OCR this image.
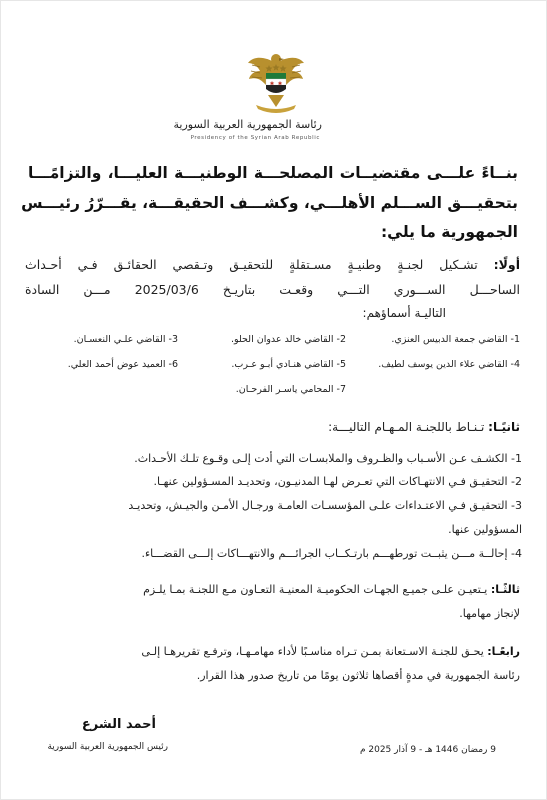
رئاسة الجمهورية العربية السورية
Presidency of the Syrian Arab Republic
بنــاءً علـــى مقتضيــات المصلحـــة الوطنيـــة العليـــا، والتزامًـــا
بتحقيـــق الســـلم الأهلـــي، وكشـــف الحقيقـــة، يقـــرّرُ رئيـــس
الجمهورية ما يلي:
أولًا: تشـكيل لجنـةٍ وطنيـةٍ مسـتقلةٍ للتحقيـق وتـقصي الحقائـق فـي أحـداث
الساحـــل الســـوري التـــي وقعـت بتاريـخ 2025/03/6 مـــن السادة
التاليـة أسماؤهم:
1- القاضي جمعة الدبيس العنزي.
2- القاضي خالد عدوان الحلو.
3- القاضي علـي النعسـان.
4- القاضي علاء الدين يوسف لطيف.
5- القاضي هنـادي أبـو عـرب.
6- العميد عوض أحمد العلي.
7- المحامي ياسـر الفرحـان.
ثانيًـا: تـنـاط باللجنـة المـهـام التاليـــة:
1- الكشـف عـن الأسـباب والظـروف والملابسـات التي أدت إلـى وقـوع تلـك الأحـداث.
2- التحقيـق فـي الانتهـاكات التي تعـرض لهـا المدنيـون، وتحديـد المسـؤولين عنهـا.
3- التحقيـق فـي الاعتـداءات علـى المؤسسـات العامـة ورجـال الأمـن والجيـش، وتحديـد
المسؤولين عنها.
4- إحالــة مـــن يثبــت تورطهـــم بارتـكــاب الجرائـــم والانتهـــاكات إلـــى القضـــاء.
ثالثًـا: يـتعيـن علـى جميـع الجهـات الحكوميـة المعنيـة التعـاون مـع اللجنـة بمـا يلـزم
لإنجاز مهامها.
رابعًـا: يحـق للجنـة الاسـتعانة بمـن تـراه مناسـبًا لأداء مهامـهـا، وترفـع تقريرهـا إلـى
رئاسة الجمهورية في مدةٍ أقصاها ثلاثون يومًا من تاريخ صدور هذا القرار.
أحمد الشرع
رئيس الجمهورية العربية السورية	9 رمضان 1446 هـ - 9 آذار 2025 م
